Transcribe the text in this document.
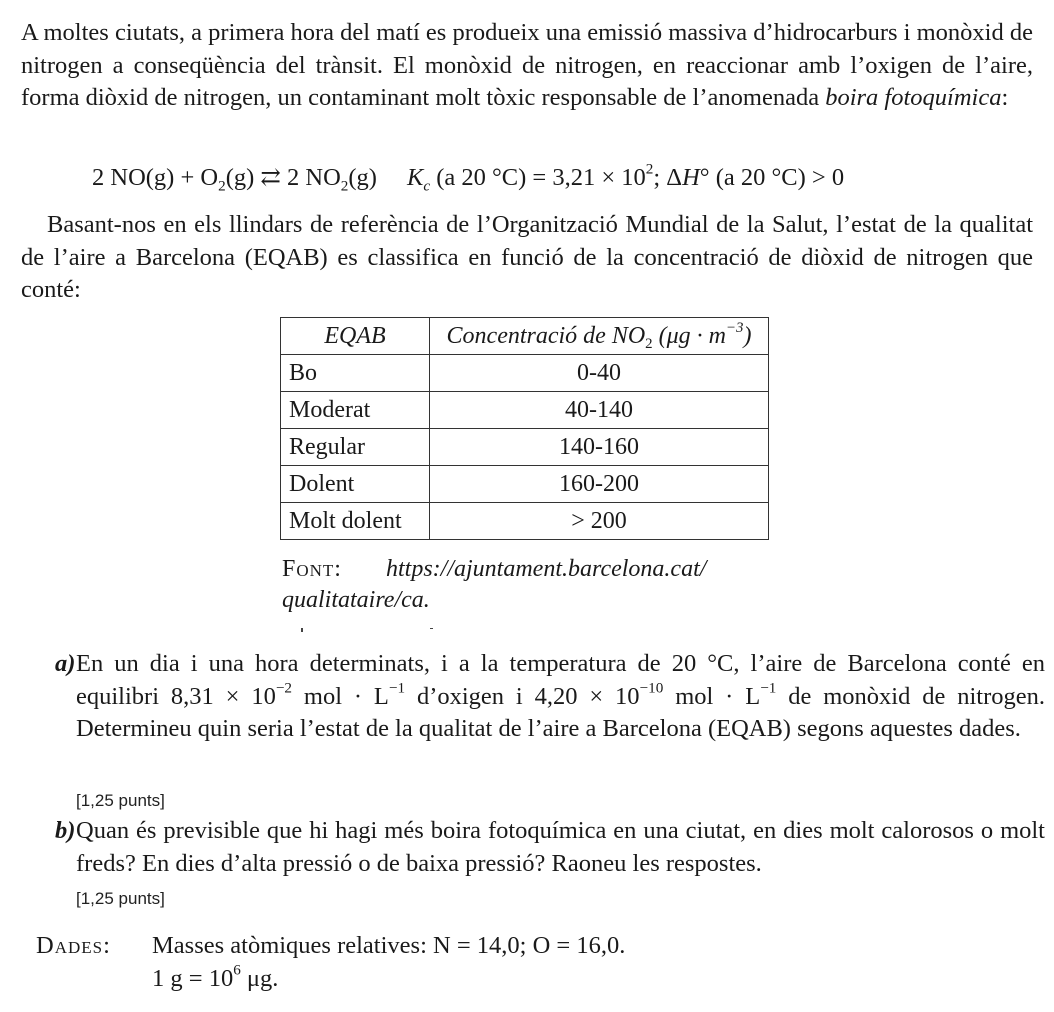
A moltes ciutats, a primera hora del matí es produeix una emissió massiva d’hidrocarburs i monòxid de nitrogen a conseqüència del trànsit. El monòxid de nitrogen, en reaccionar amb l’oxigen de l’aire, forma diòxid de nitrogen, un contaminant molt tòxic responsable de l’anomenada boira fotoquímica:

2 $NO(g) + O_2(g)$ ⇄ 2 $NO_2(g)$ $K_c$ (a 20 $^\circ C) = 3,21 \times 10^2$; ΔH° (a 20 °C) > 0

Basant-nos en els llindars de referència de l’Organització Mundial de la Salut, l’estat de la qualitat de l’aire a Barcelona (EQAB) es classifica en funció de la concentració de diòxid de nitrogen que conté:

EQAB	Concentració de $NO_2$ $(\mu g \cdot m^{-3})$
Bo	0-40
Moderat	40-140
Regular	140-160
Dolent	160-200
Molt dolent	> 200
Font: https://ajuntament.barcelona.cat/
qualitataire/ca.
a) En un dia i una hora determinats, i a la temperatura de 20 °C, l’aire de Barcelona conté en equilibri $8,31 \times 10^{-2}$ mol · $L^{-1}$ d’oxigen i $4,20 \times 10^{-10}$ mol · $L^{-1}$ de monòxid de nitrogen. Determineu quin seria l’estat de la qualitat de l’aire a Barcelona (EQAB) segons aquestes dades.
[1,25 punts]
b) Quan és previsible que hi hagi més boira fotoquímica en una ciutat, en dies molt calorosos o molt freds? En dies d’alta pressió o de baixa pressió? Raoneu les respostes.
[1,25 punts]
Dades: Masses atòmiques relatives: N = 14,0; O = 16,0.
1 $g = 10^6$ μg.
